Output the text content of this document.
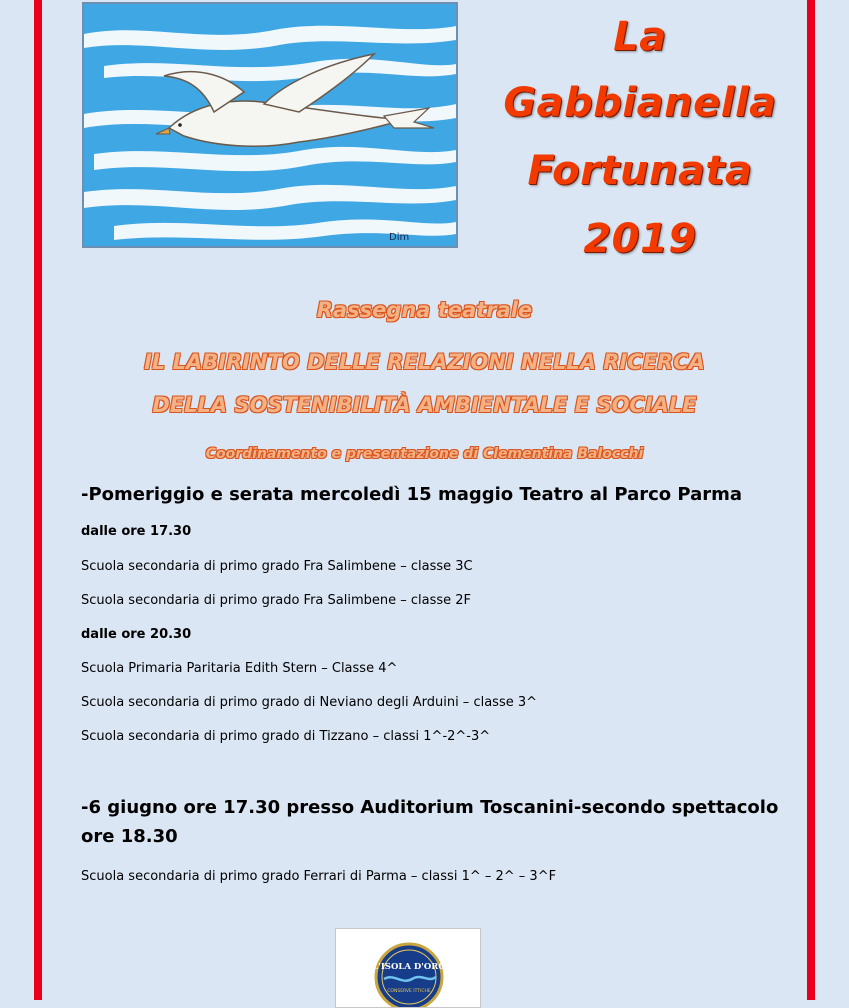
Dim
La
Gabbianella
Fortunata
2019
Rassegna teatrale
IL LABIRINTO DELLE RELAZIONI NELLA RICERCA
DELLA SOSTENIBILITÀ AMBIENTALE E SOCIALE
Coordinamento e presentazione di Clementina Balocchi
-Pomeriggio e serata mercoledì 15 maggio Teatro al Parco Parma
dalle ore 17.30
Scuola secondaria di primo grado Fra Salimbene – classe 3C
Scuola secondaria di primo grado Fra Salimbene – classe 2F
dalle ore 20.30
Scuola Primaria Paritaria Edith Stern – Classe 4^
Scuola secondaria di primo grado di Neviano degli Arduini – classe 3^
Scuola secondaria di primo grado di Tizzano – classi 1^-2^-3^
-6 giugno ore 17.30 presso Auditorium Toscanini-secondo spettacolo ore 18.30
Scuola secondaria di primo grado Ferrari di Parma – classi 1^ – 2^ – 3^F
L'ISOLA D'ORO
CONSERVE ITTICHE
